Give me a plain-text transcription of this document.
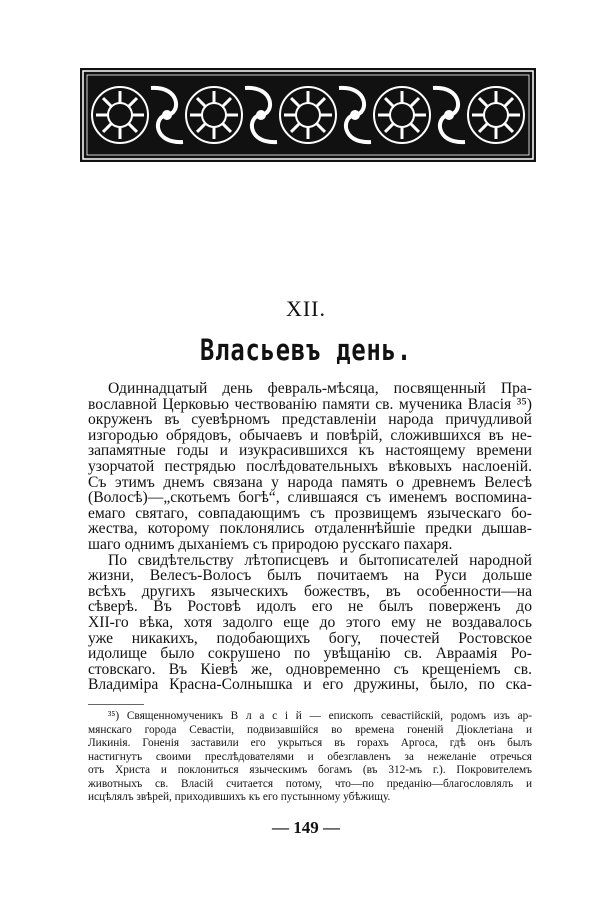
XII.
Власьевъ день.
Одиннадцатый день февраль-мѣсяца, посвященный Пра-
вославной Церковью чествованію памяти св. мученика Власія ³⁵)
окруженъ въ суевѣрномъ представленіи народа причудливой
изгородью обрядовъ, обычаевъ и повѣрій, сложившихся въ не-
запамятные годы и изукрасившихся къ настоящему времени
узорчатой пестрядью послѣдовательныхъ вѣковыхъ наслоеній.
Съ этимъ днемъ связана у народа память о древнемъ Велесѣ
(Волосѣ)—„скотьемъ богѣ“, слившаяся съ именемъ воспомина-
емаго святаго, совпадающимъ съ прозвищемъ языческаго бо-
жества, которому поклонялись отдаленнѣйшіе предки дышав-
шаго однимъ дыханіемъ съ природою русскаго пахаря.
По свидѣтельству лѣтописцевъ и бытописателей народной
жизни, Велесъ-Волосъ былъ почитаемъ на Руси дольше
всѣхъ другихъ языческихъ божествъ, въ особенности—на
сѣверѣ. Въ Ростовѣ идолъ его не былъ поверженъ до
XII-го вѣка, хотя задолго еще до этого ему не воздавалось
уже никакихъ, подобающихъ богу, почестей Ростовское
идолище было сокрушено по увѣщанію св. Авраамія Ро-
стовскаго. Въ Кіевѣ же, одновременно съ крещеніемъ св.
Владиміра Красна-Солнышка и его дружины, было, по ска-
³⁵) Священномученикъ В л а с і й — епископъ севастійскій, родомъ изъ ар-
мянскаго города Севастіи, подвизавшійся во времена гоненій Діоклетіана и
Ликинія. Гоненія заставили его укрыться въ горахъ Аргоса, гдѣ онъ былъ
настигнутъ своими преслѣдователями и обезглавленъ за нежеланіе отречься
отъ Христа и поклониться языческимъ богамъ (въ 312-мъ г.). Покровителемъ
животныхъ св. Власій считается потому, что—по преданію—благословлялъ и
исцѣлялъ звѣрей, приходившихъ къ его пустынному убѣжищу.
— 149 —
